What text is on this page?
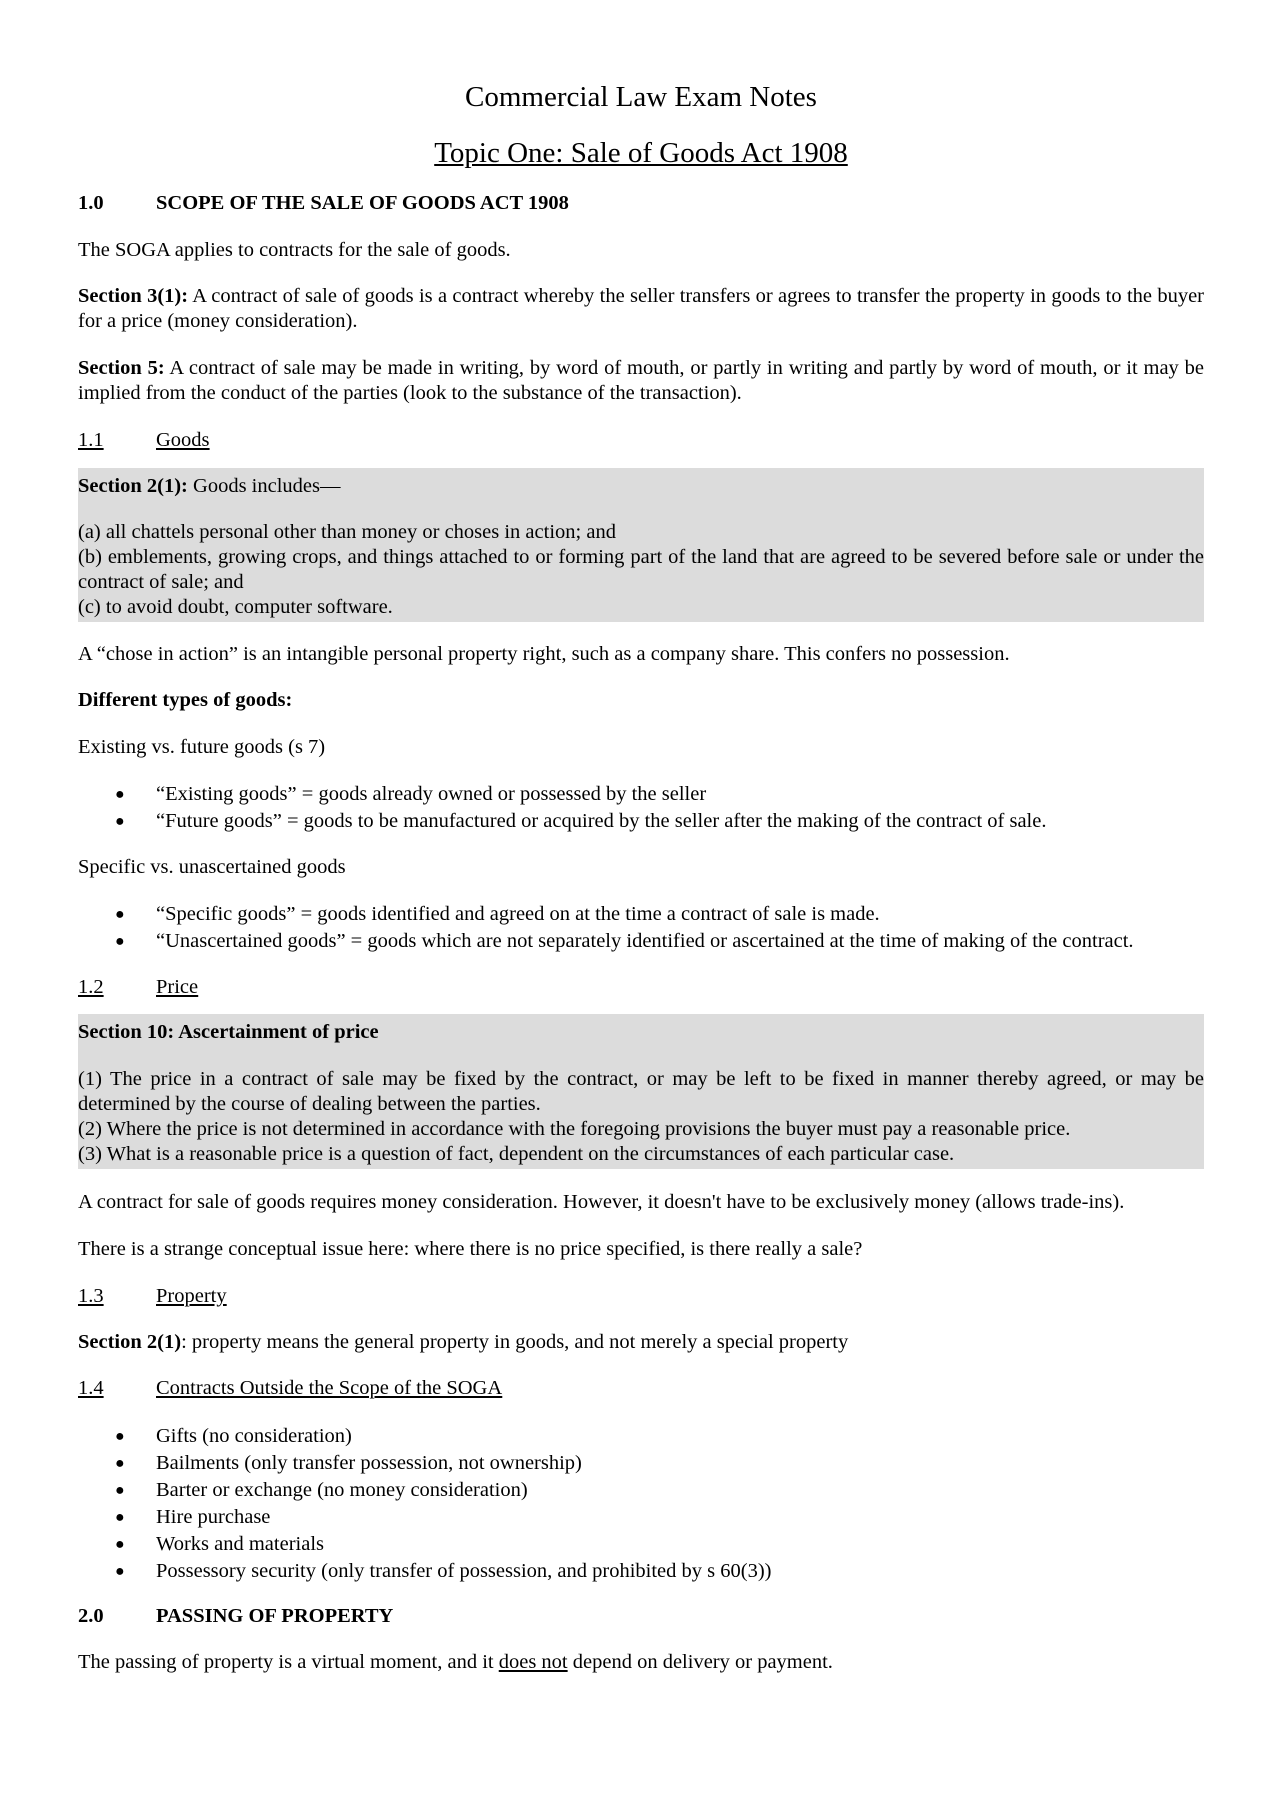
Commercial Law Exam Notes
Topic One: Sale of Goods Act 1908
1.0	SCOPE OF THE SALE OF GOODS ACT 1908

The SOGA applies to contracts for the sale of goods.

Section 3(1): A contract of sale of goods is a contract whereby the seller transfers or agrees to transfer the property in goods to the buyer for a price (money consideration).

Section 5: A contract of sale may be made in writing, by word of mouth, or partly in writing and partly by word of mouth, or it may be implied from the conduct of the parties (look to the substance of the transaction).

1.1	Goods

Section 2(1): Goods includes—

(a) all chattels personal other than money or choses in action; and

(b) emblements, growing crops, and things attached to or forming part of the land that are agreed to be severed before sale or under the contract of sale; and

(c) to avoid doubt, computer software.

A “chose in action” is an intangible personal property right, such as a company share. This confers no possession.

Different types of goods:

Existing vs. future goods (s 7)

● “Existing goods” = goods already owned or possessed by the seller
● “Future goods” = goods to be manufactured or acquired by the seller after the making of the contract of sale.

Specific vs. unascertained goods

● “Specific goods” = goods identified and agreed on at the time a contract of sale is made.
● “Unascertained goods” = goods which are not separately identified or ascertained at the time of making of the contract.
1.2	Price

Section 10: Ascertainment of price

(1) The price in a contract of sale may be fixed by the contract, or may be left to be fixed in manner thereby agreed, or may be determined by the course of dealing between the parties.

(2) Where the price is not determined in accordance with the foregoing provisions the buyer must pay a reasonable price.

(3) What is a reasonable price is a question of fact, dependent on the circumstances of each particular case.

A contract for sale of goods requires money consideration. However, it doesn't have to be exclusively money (allows trade-ins).

There is a strange conceptual issue here: where there is no price specified, is there really a sale?

1.3	Property

Section 2(1): property means the general property in goods, and not merely a special property

1.4	Contracts Outside the Scope of the SOGA
● Gifts (no consideration)
● Bailments (only transfer possession, not ownership)
● Barter or exchange (no money consideration)
● Hire purchase
● Works and materials
● Possessory security (only transfer of possession, and prohibited by s 60(3))
2.0	PASSING OF PROPERTY

The passing of property is a virtual moment, and it does not depend on delivery or payment.
